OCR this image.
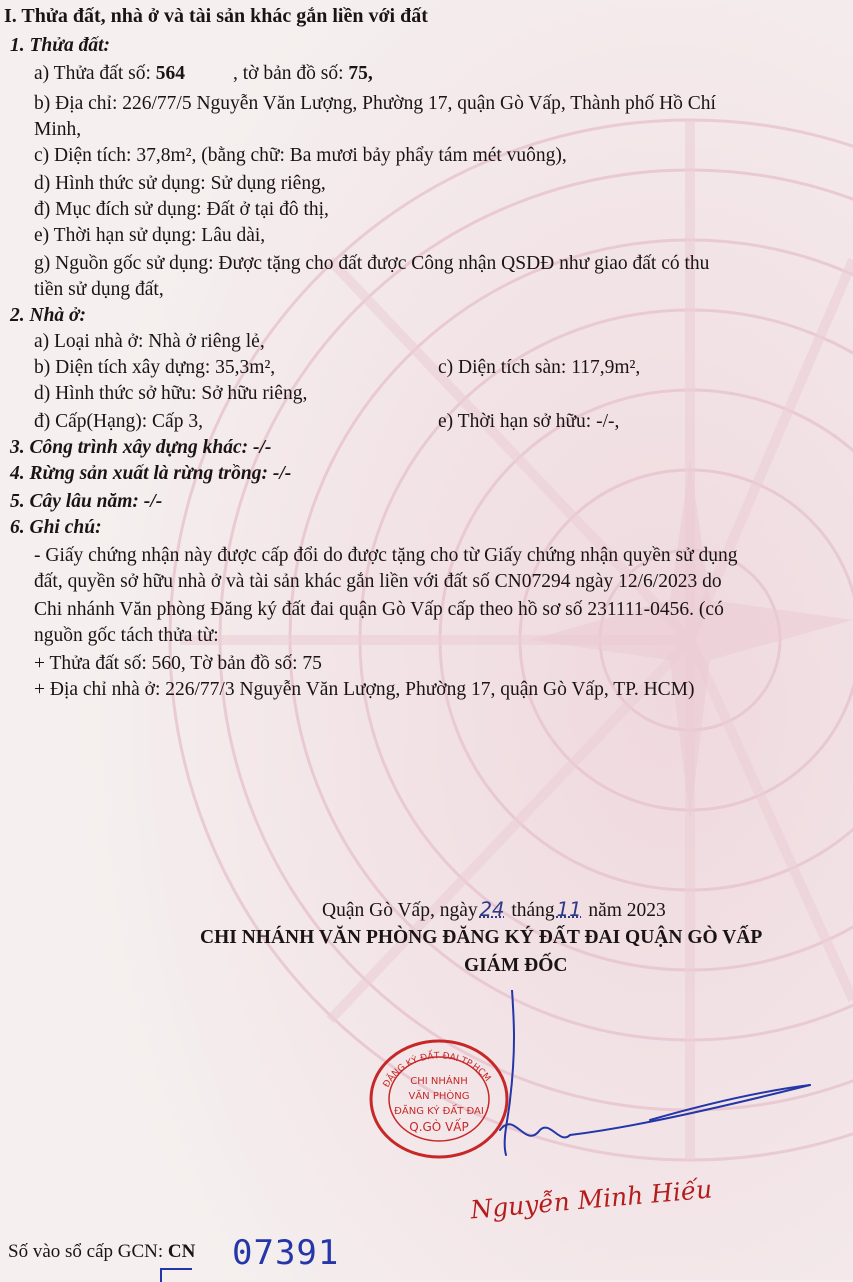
I. Thửa đất, nhà ở và tài sản khác gắn liền với đất
1. Thửa đất:
a) Thửa đất số: 564 , tờ bản đồ số: 75,
b) Địa chỉ: 226/77/5 Nguyễn Văn Lượng, Phường 17, quận Gò Vấp, Thành phố Hồ Chí
Minh,
c) Diện tích: 37,8m², (bằng chữ: Ba mươi bảy phẩy tám mét vuông),
d) Hình thức sử dụng: Sử dụng riêng,
đ) Mục đích sử dụng: Đất ở tại đô thị,
e) Thời hạn sử dụng: Lâu dài,
g) Nguồn gốc sử dụng: Được tặng cho đất được Công nhận QSDĐ như giao đất có thu
tiền sử dụng đất,
2. Nhà ở:
a) Loại nhà ở: Nhà ở riêng lẻ,
b) Diện tích xây dựng: 35,3m²,	c) Diện tích sàn: 117,9m²,
d) Hình thức sở hữu: Sở hữu riêng,
đ) Cấp(Hạng): Cấp 3,	e) Thời hạn sở hữu: -/-,
3. Công trình xây dựng khác: -/-
4. Rừng sản xuất là rừng trồng: -/-
5. Cây lâu năm: -/-
6. Ghi chú:
- Giấy chứng nhận này được cấp đổi do được tặng cho từ Giấy chứng nhận quyền sử dụng
đất, quyền sở hữu nhà ở và tài sản khác gắn liền với đất số CN07294 ngày 12/6/2023 do
Chi nhánh Văn phòng Đăng ký đất đai quận Gò Vấp cấp theo hồ sơ số 231111-0456. (có
nguồn gốc tách thửa từ:
+ Thửa đất số: 560, Tờ bản đồ số: 75
+ Địa chỉ nhà ở: 226/77/3 Nguyễn Văn Lượng, Phường 17, quận Gò Vấp, TP. HCM)
Quận Gò Vấp, ngày 24 tháng 11 năm 2023
CHI NHÁNH VĂN PHÒNG ĐĂNG KÝ ĐẤT ĐAI QUẬN GÒ VẤP
GIÁM ĐỐC
ĐĂNG KÝ ĐẤT ĐAI TP.HCM
CHI NHÁNH
VĂN PHÒNG
ĐĂNG KÝ ĐẤT ĐAI
Q.GÒ VẤP
Nguyễn Minh Hiếu
Số vào sổ cấp GCN: CN 07391
